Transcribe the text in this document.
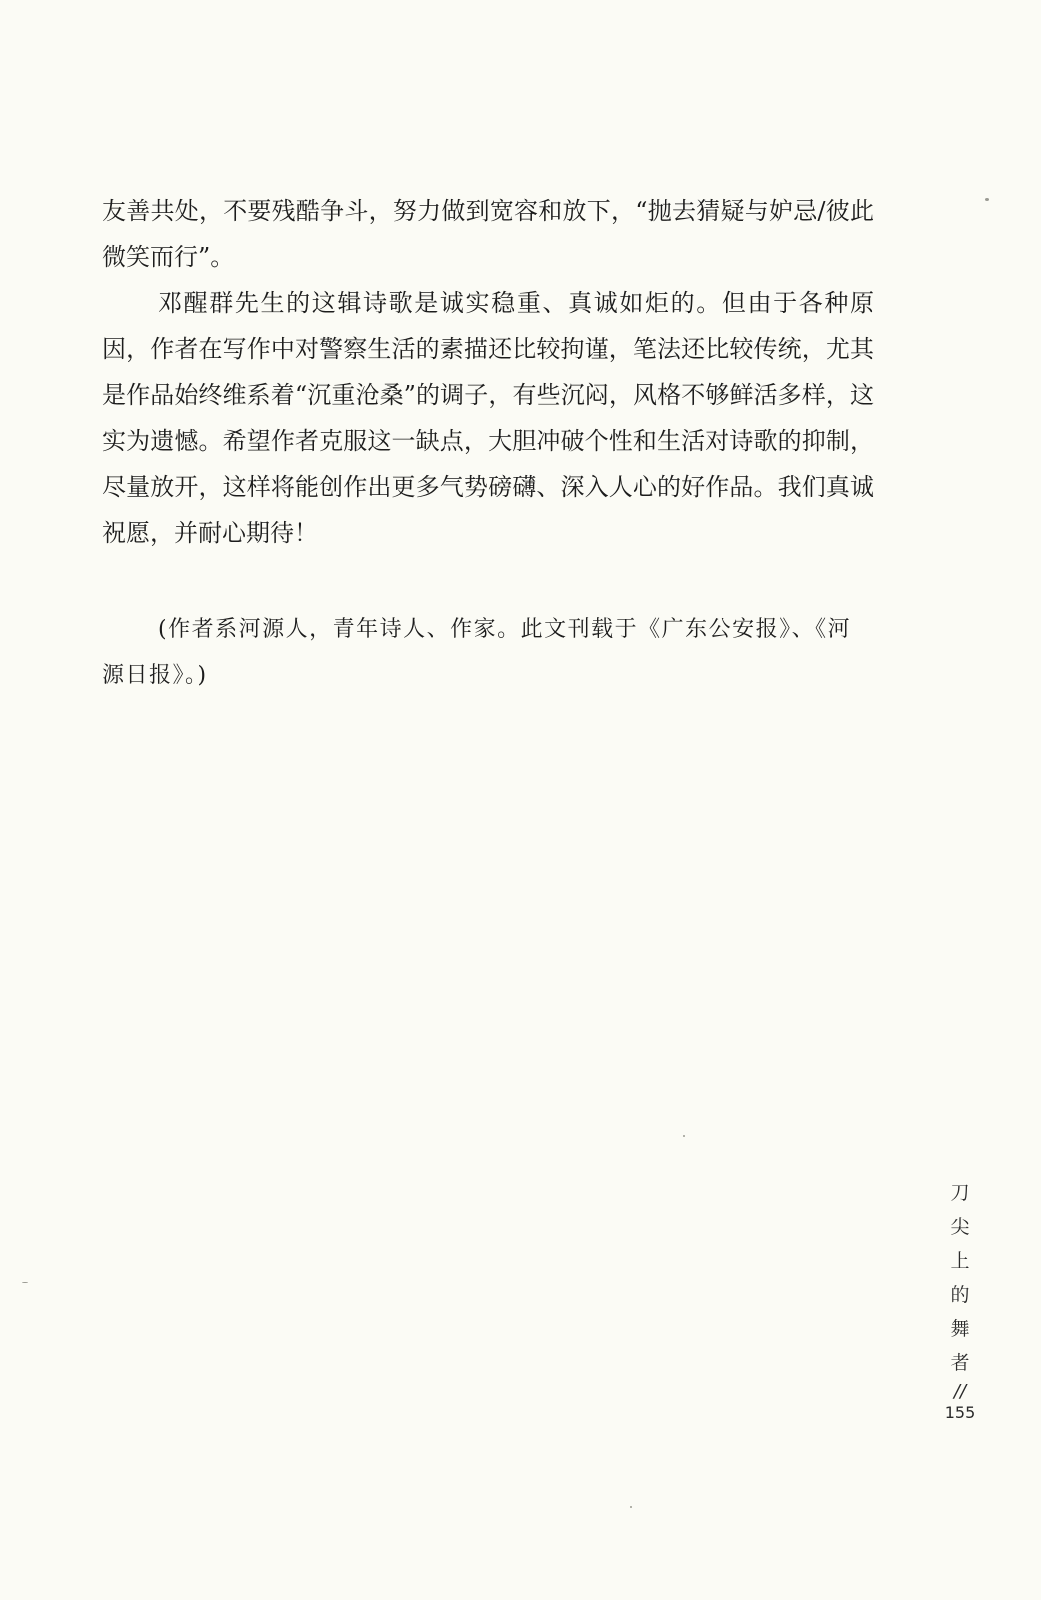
友善共处，不要残酷争斗，努力做到宽容和放下，“抛去猜疑与妒忌/彼此微笑而行”。

邓醒群先生的这辑诗歌是诚实稳重、真诚如炬的。但由于各种原因，作者在写作中对警察生活的素描还比较拘谨，笔法还比较传统，尤其是作品始终维系着“沉重沧桑”的调子，有些沉闷，风格不够鲜活多样，这实为遗憾。希望作者克服这一缺点，大胆冲破个性和生活对诗歌的抑制，尽量放开，这样将能创作出更多气势磅礴、深入人心的好作品。我们真诚祝愿，并耐心期待！

(作者系河源人，青年诗人、作家。此文刊载于《广东公安报》、《河源日报》。)

刀
尖
上
的
舞
者
//
155
